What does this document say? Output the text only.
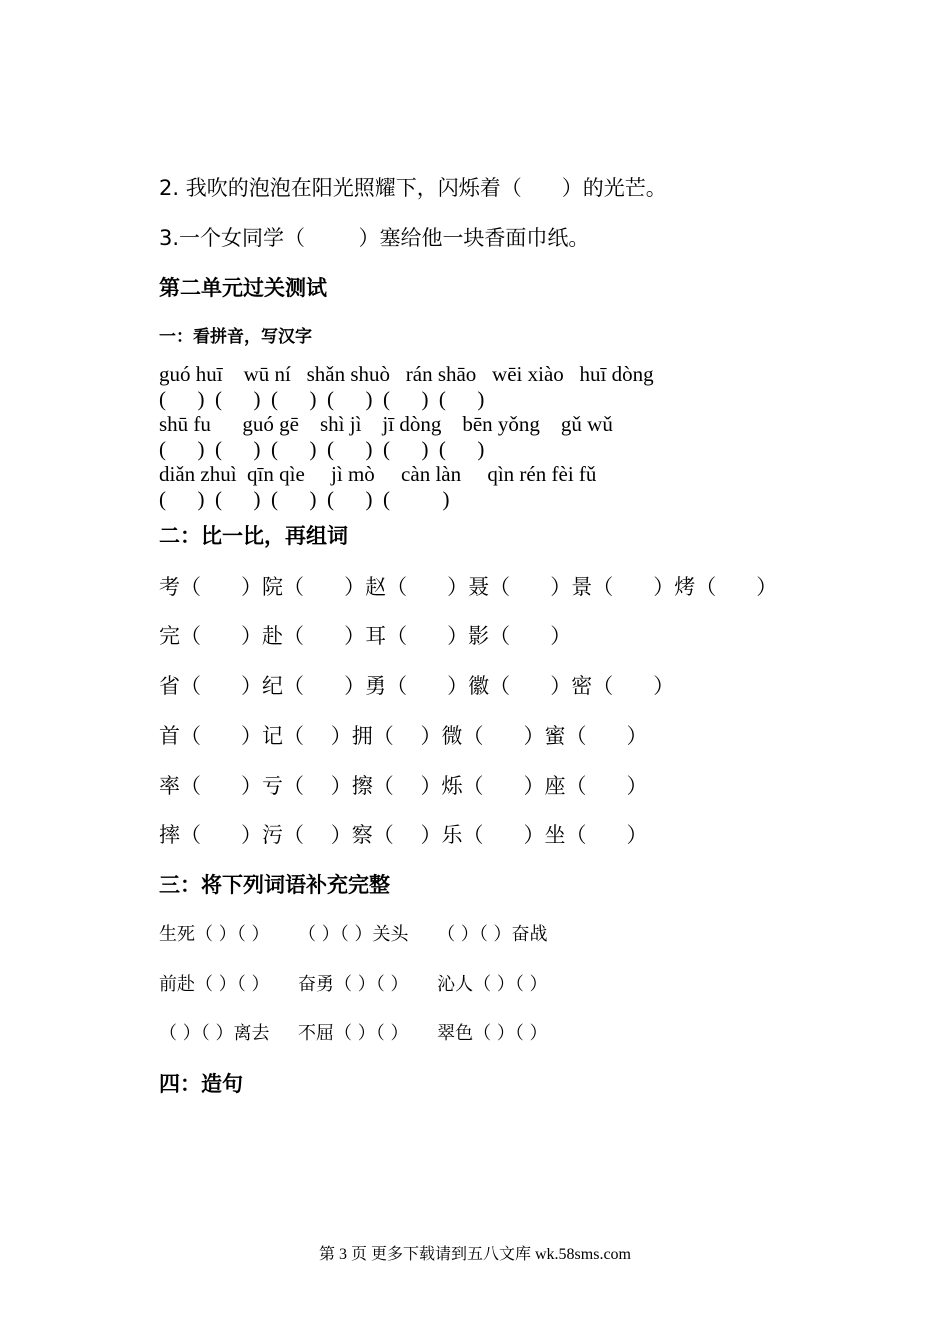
2. 我吹的泡泡在阳光照耀下，闪烁着（      ）的光芒。

3.一个女同学（        ）塞给他一块香面巾纸。

第二单元过关测试

一：看拼音，写汉字

guó huī    wū ní   shǎn shuò   rán shāo   wēi xiào   huī dòng

(      )  (      )  (      )  (      )  (      )  (      )

shū fu      guó gē    shì jì    jī dòng    bēn yǒng    gǔ wǔ

(      )  (      )  (      )  (      )  (      )  (      )

diǎn zhuì  qīn qìe     jì mò     càn làn     qìn rén fèi fǔ

(      )  (      )  (      )  (      )  (          )

二：比一比，再组词

考（      ）院（      ）赵（      ）聂（      ）景（      ）烤（      ）

完（      ）赴（      ）耳（      ）影（      ）

省（      ）纪（      ）勇（      ）徽（      ）密（      ）

首（      ）记（    ）拥（    ）微（      ）蜜（      ）

率（      ）亏（    ）擦（    ）烁（      ）座（      ）

摔（      ）污（    ）察（    ）乐（      ）坐（      ）

三：将下列词语补充完整

生死（ ）（ ）     （ ）（ ）关头     （ ）（ ）奋战

前赴（ ）（ ）     奋勇（ ）（ ）     沁人（ ）（ ）

（ ）（ ）离去     不屈（ ）（ ）     翠色（ ）（ ）

四：造句

第 3 页 更多下载请到五八文库 wk.58sms.com
